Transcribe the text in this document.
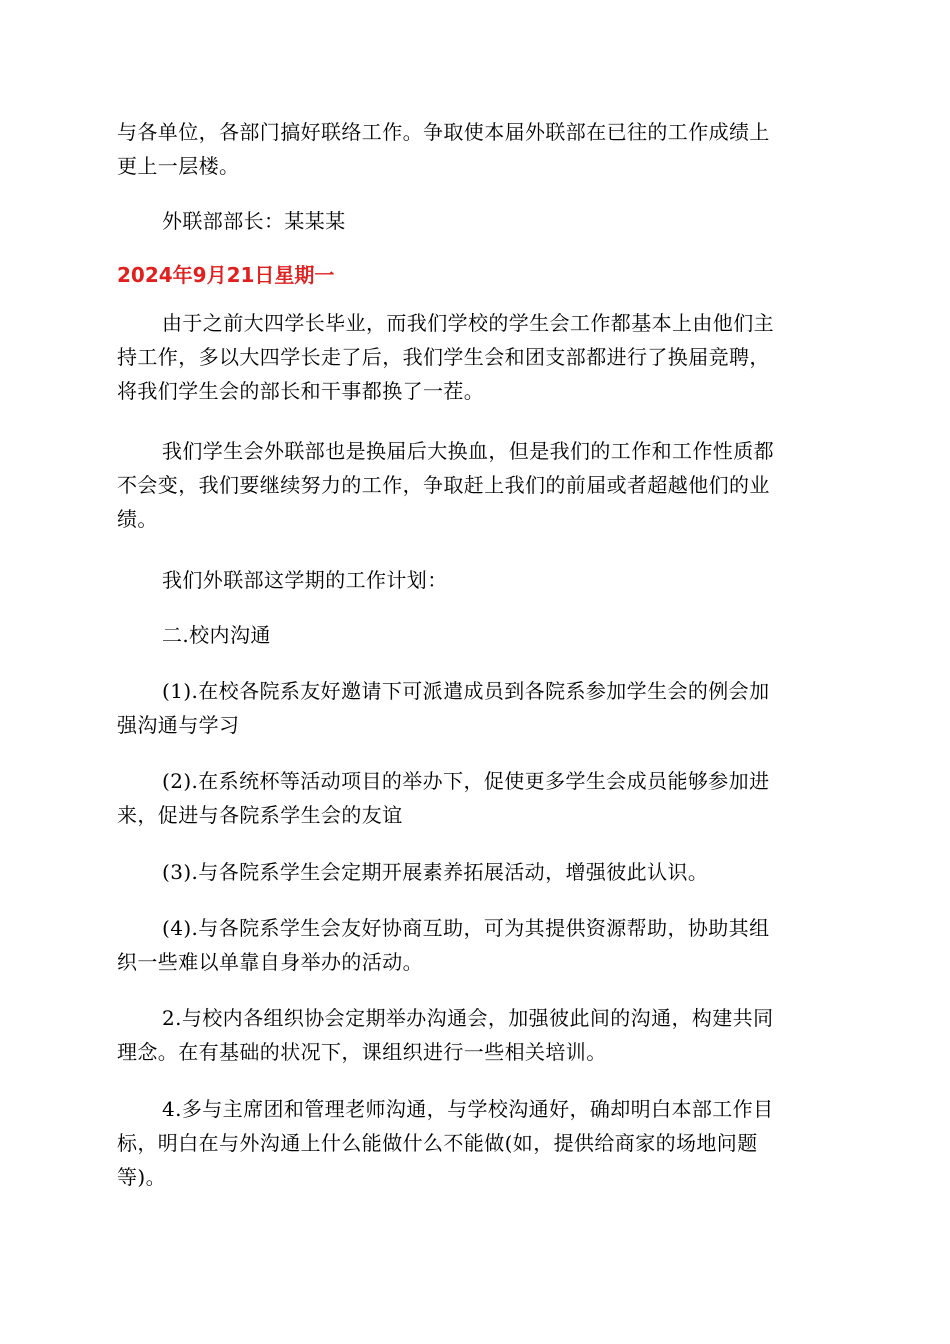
与各单位，各部门搞好联络工作。争取使本届外联部在已往的工作成绩上
更上一层楼。

外联部部长：某某某

2024年9月21日星期一

由于之前大四学长毕业，而我们学校的学生会工作都基本上由他们主
持工作，多以大四学长走了后，我们学生会和团支部都进行了换届竞聘，
将我们学生会的部长和干事都换了一茬。

我们学生会外联部也是换届后大换血，但是我们的工作和工作性质都
不会变，我们要继续努力的工作，争取赶上我们的前届或者超越他们的业
绩。

我们外联部这学期的工作计划：

二.校内沟通

(1).在校各院系友好邀请下可派遣成员到各院系参加学生会的例会加
强沟通与学习

(2).在系统杯等活动项目的举办下，促使更多学生会成员能够参加进
来，促进与各院系学生会的友谊

(3).与各院系学生会定期开展素养拓展活动，增强彼此认识。

(4).与各院系学生会友好协商互助，可为其提供资源帮助，协助其组
织一些难以单靠自身举办的活动。

2.与校内各组织协会定期举办沟通会，加强彼此间的沟通，构建共同
理念。在有基础的状况下，课组织进行一些相关培训。

4.多与主席团和管理老师沟通，与学校沟通好，确却明白本部工作目
标，明白在与外沟通上什么能做什么不能做(如，提供给商家的场地问题
等)。
